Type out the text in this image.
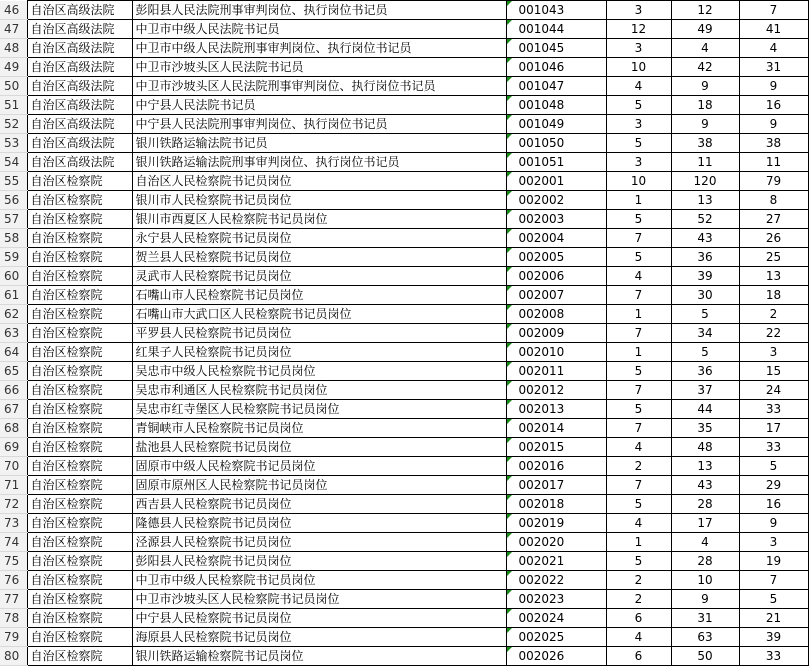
46	自治区高级法院	彭阳县人民法院刑事审判岗位、执行岗位书记员	001043	3	12	7
47	自治区高级法院	中卫市中级人民法院书记员	001044	12	49	41
48	自治区高级法院	中卫市中级人民法院刑事审判岗位、执行岗位书记员	001045	3	4	4
49	自治区高级法院	中卫市沙坡头区人民法院书记员	001046	10	42	31
50	自治区高级法院	中卫市沙坡头区人民法院刑事审判岗位、执行岗位书记员	001047	4	9	9
51	自治区高级法院	中宁县人民法院书记员	001048	5	18	16
52	自治区高级法院	中宁县人民法院刑事审判岗位、执行岗位书记员	001049	3	9	9
53	自治区高级法院	银川铁路运输法院书记员	001050	5	38	38
54	自治区高级法院	银川铁路运输法院刑事审判岗位、执行岗位书记员	001051	3	11	11
55	自治区检察院	自治区人民检察院书记员岗位	002001	10	120	79
56	自治区检察院	银川市人民检察院书记员岗位	002002	1	13	8
57	自治区检察院	银川市西夏区人民检察院书记员岗位	002003	5	52	27
58	自治区检察院	永宁县人民检察院书记员岗位	002004	7	43	26
59	自治区检察院	贺兰县人民检察院书记员岗位	002005	5	36	25
60	自治区检察院	灵武市人民检察院书记员岗位	002006	4	39	13
61	自治区检察院	石嘴山市人民检察院书记员岗位	002007	7	30	18
62	自治区检察院	石嘴山市大武口区人民检察院书记员岗位	002008	1	5	2
63	自治区检察院	平罗县人民检察院书记员岗位	002009	7	34	22
64	自治区检察院	红果子人民检察院书记员岗位	002010	1	5	3
65	自治区检察院	吴忠市中级人民检察院书记员岗位	002011	5	36	15
66	自治区检察院	吴忠市利通区人民检察院书记员岗位	002012	7	37	24
67	自治区检察院	吴忠市红寺堡区人民检察院书记员岗位	002013	5	44	33
68	自治区检察院	青铜峡市人民检察院书记员岗位	002014	7	35	17
69	自治区检察院	盐池县人民检察院书记员岗位	002015	4	48	33
70	自治区检察院	固原市中级人民检察院书记员岗位	002016	2	13	5
71	自治区检察院	固原市原州区人民检察院书记员岗位	002017	7	43	29
72	自治区检察院	西吉县人民检察院书记员岗位	002018	5	28	16
73	自治区检察院	隆德县人民检察院书记员岗位	002019	4	17	9
74	自治区检察院	泾源县人民检察院书记员岗位	002020	1	4	3
75	自治区检察院	彭阳县人民检察院书记员岗位	002021	5	28	19
76	自治区检察院	中卫市中级人民检察院书记员岗位	002022	2	10	7
77	自治区检察院	中卫市沙坡头区人民检察院书记员岗位	002023	2	9	5
78	自治区检察院	中宁县人民检察院书记员岗位	002024	6	31	21
79	自治区检察院	海原县人民检察院书记员岗位	002025	4	63	39
80	自治区检察院	银川铁路运输检察院书记员岗位	002026	6	50	33
